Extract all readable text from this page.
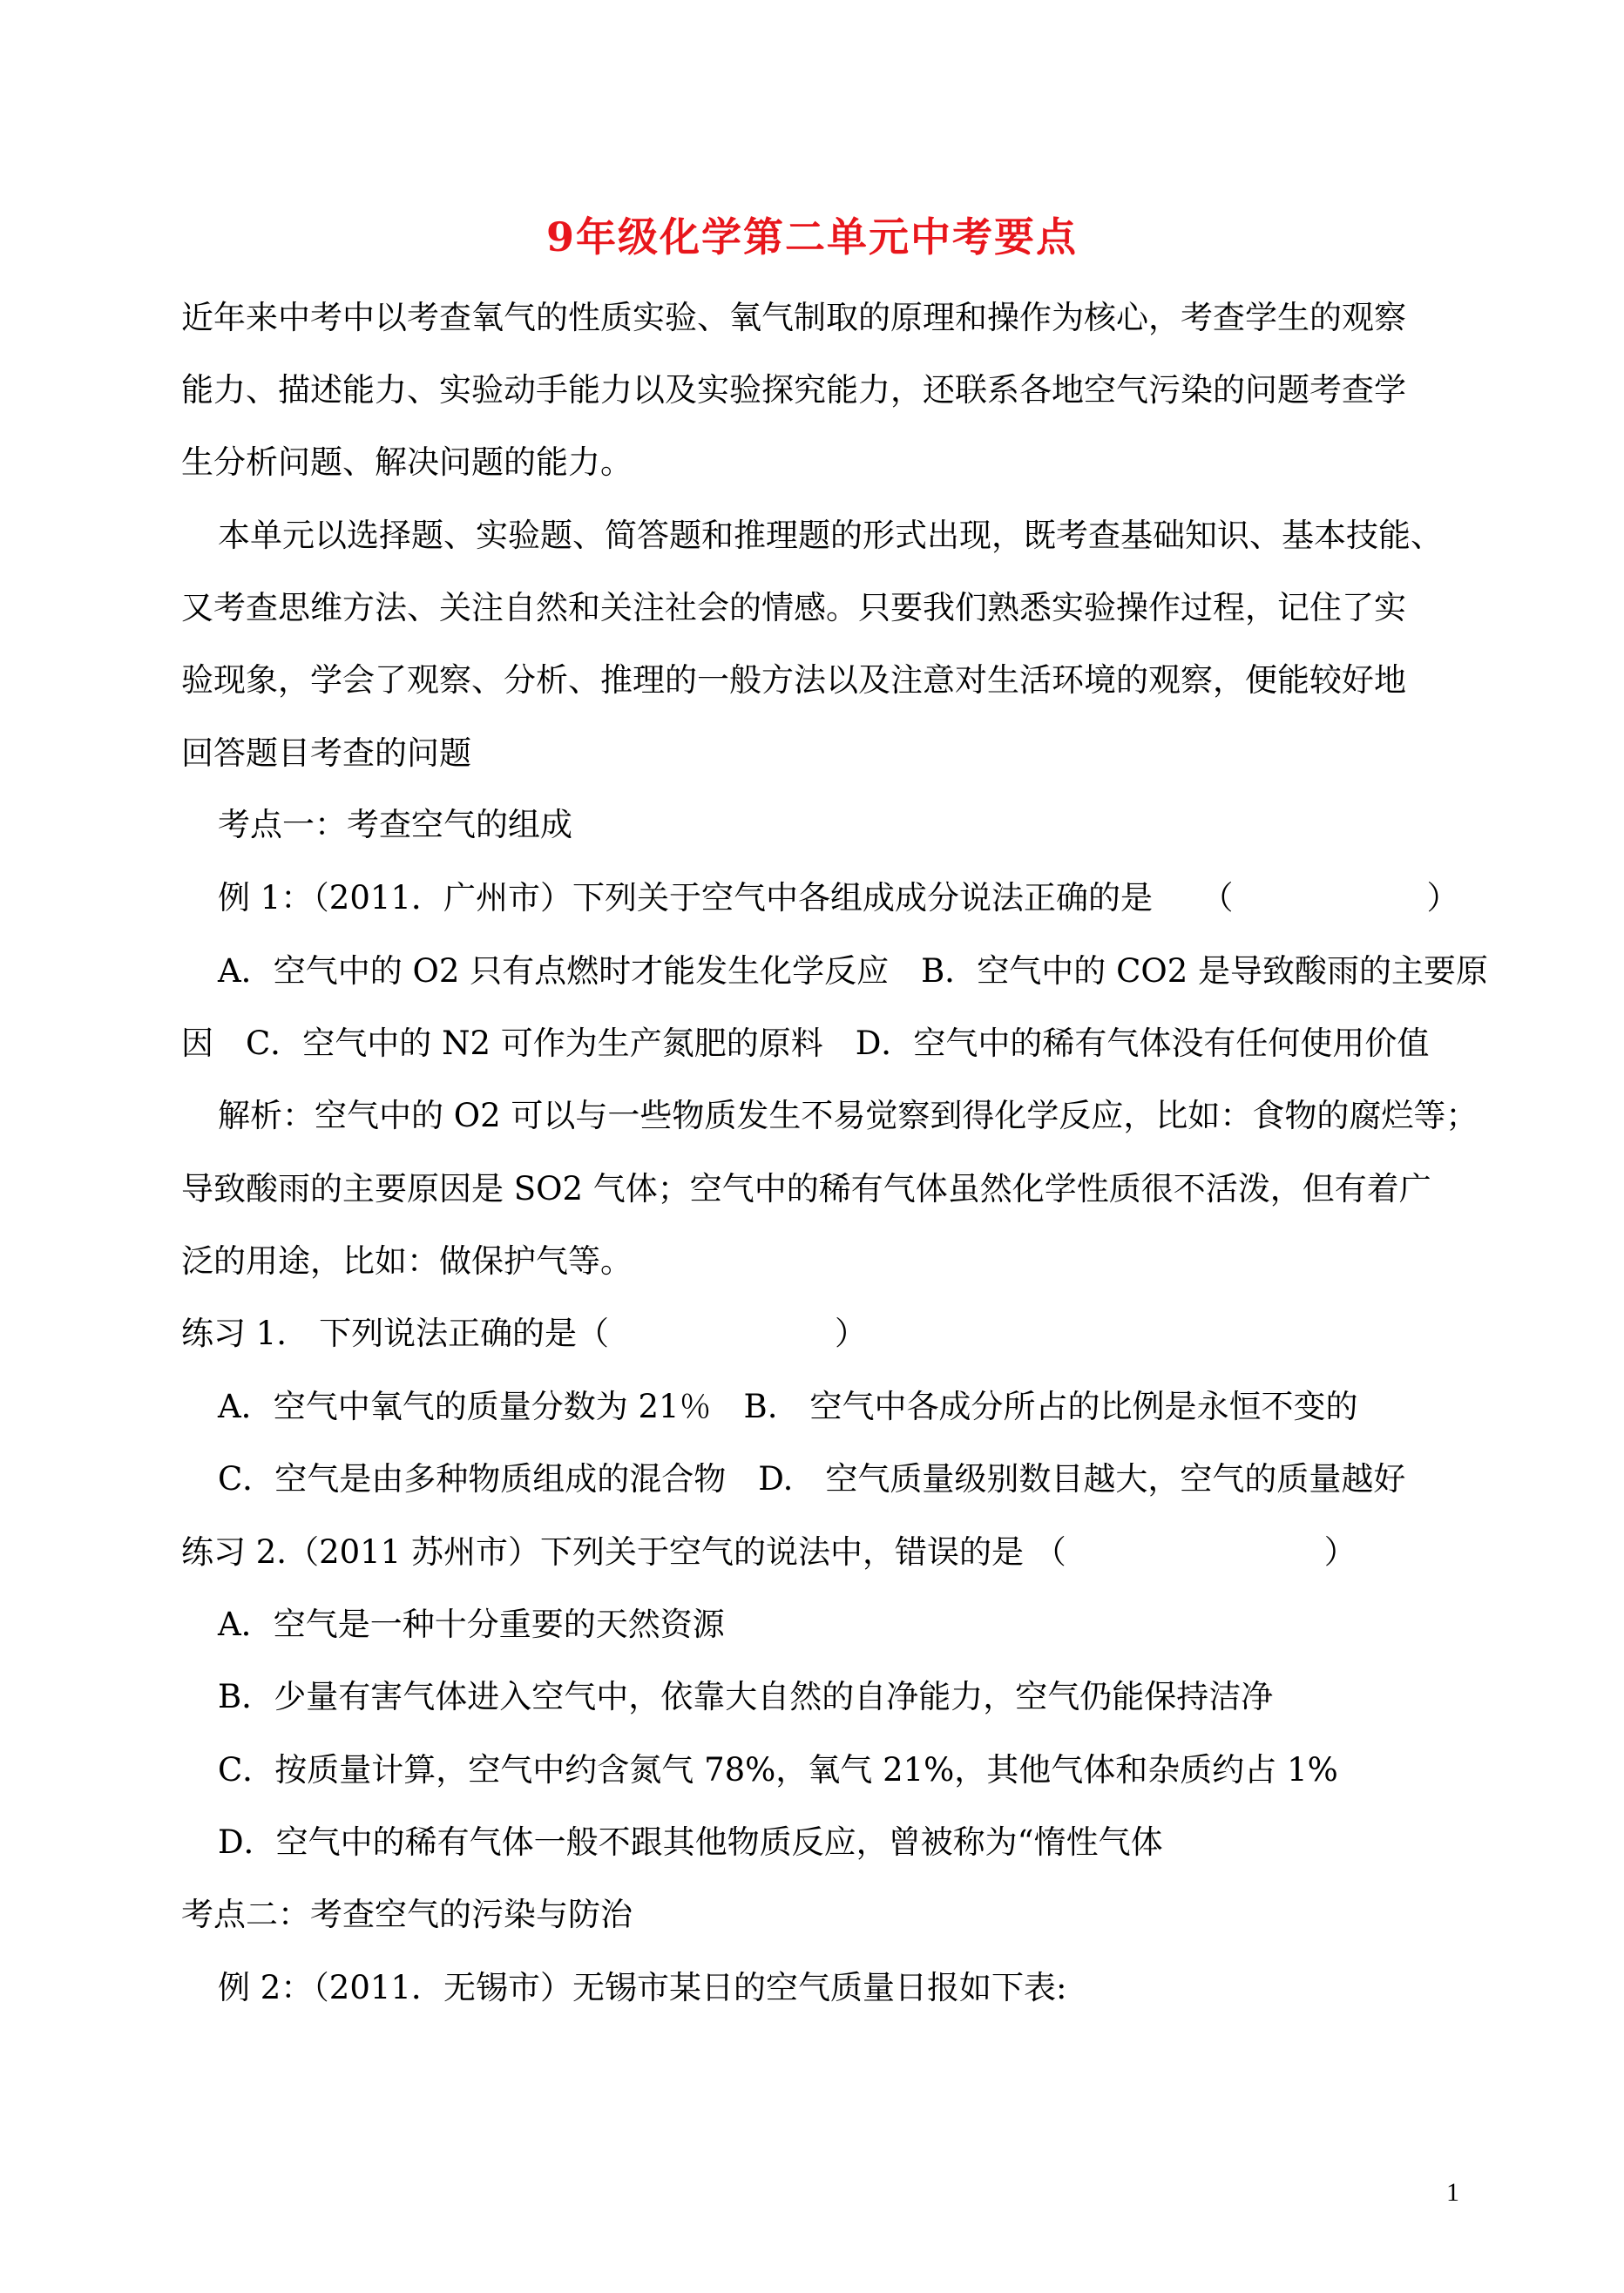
9年级化学第二单元中考要点
近年来中考中以考查氧气的性质实验、氧气制取的原理和操作为核心，考查学生的观察
能力、描述能力、实验动手能力以及实验探究能力，还联系各地空气污染的问题考查学
生分析问题、解决问题的能力。
本单元以选择题、实验题、简答题和推理题的形式出现，既考查基础知识、基本技能、
又考查思维方法、关注自然和关注社会的情感。只要我们熟悉实验操作过程，记住了实
验现象，学会了观察、分析、推理的一般方法以及注意对生活环境的观察，便能较好地
回答题目考查的问题
考点一：考查空气的组成
例 1：（2011．广州市）下列关于空气中各组成成分说法正确的是　　（　　　　　　）
A．空气中的 O2 只有点燃时才能发生化学反应　B．空气中的 CO2 是导致酸雨的主要原
因　C．空气中的 N2 可作为生产氮肥的原料　D．空气中的稀有气体没有任何使用价值
解析：空气中的 O2 可以与一些物质发生不易觉察到得化学反应，比如：食物的腐烂等；
导致酸雨的主要原因是 SO2 气体；空气中的稀有气体虽然化学性质很不活泼，但有着广
泛的用途，比如：做保护气等。
练习 1.　下列说法正确的是（　　　　　　　）
A．空气中氧气的质量分数为 21％　B.　空气中各成分所占的比例是永恒不变的
C．空气是由多种物质组成的混合物　D.　空气质量级别数目越大，空气的质量越好
练习 2.（2011 苏州市）下列关于空气的说法中，错误的是 （　　　　　　　　）
A．空气是一种十分重要的天然资源
B．少量有害气体进入空气中，依靠大自然的自净能力，空气仍能保持洁净
C．按质量计算，空气中约含氮气 78%，氧气 21%，其他气体和杂质约占 1%
D．空气中的稀有气体一般不跟其他物质反应，曾被称为“惰性气体
考点二：考查空气的污染与防治
例 2：（2011．无锡市）无锡市某日的空气质量日报如下表:
1
